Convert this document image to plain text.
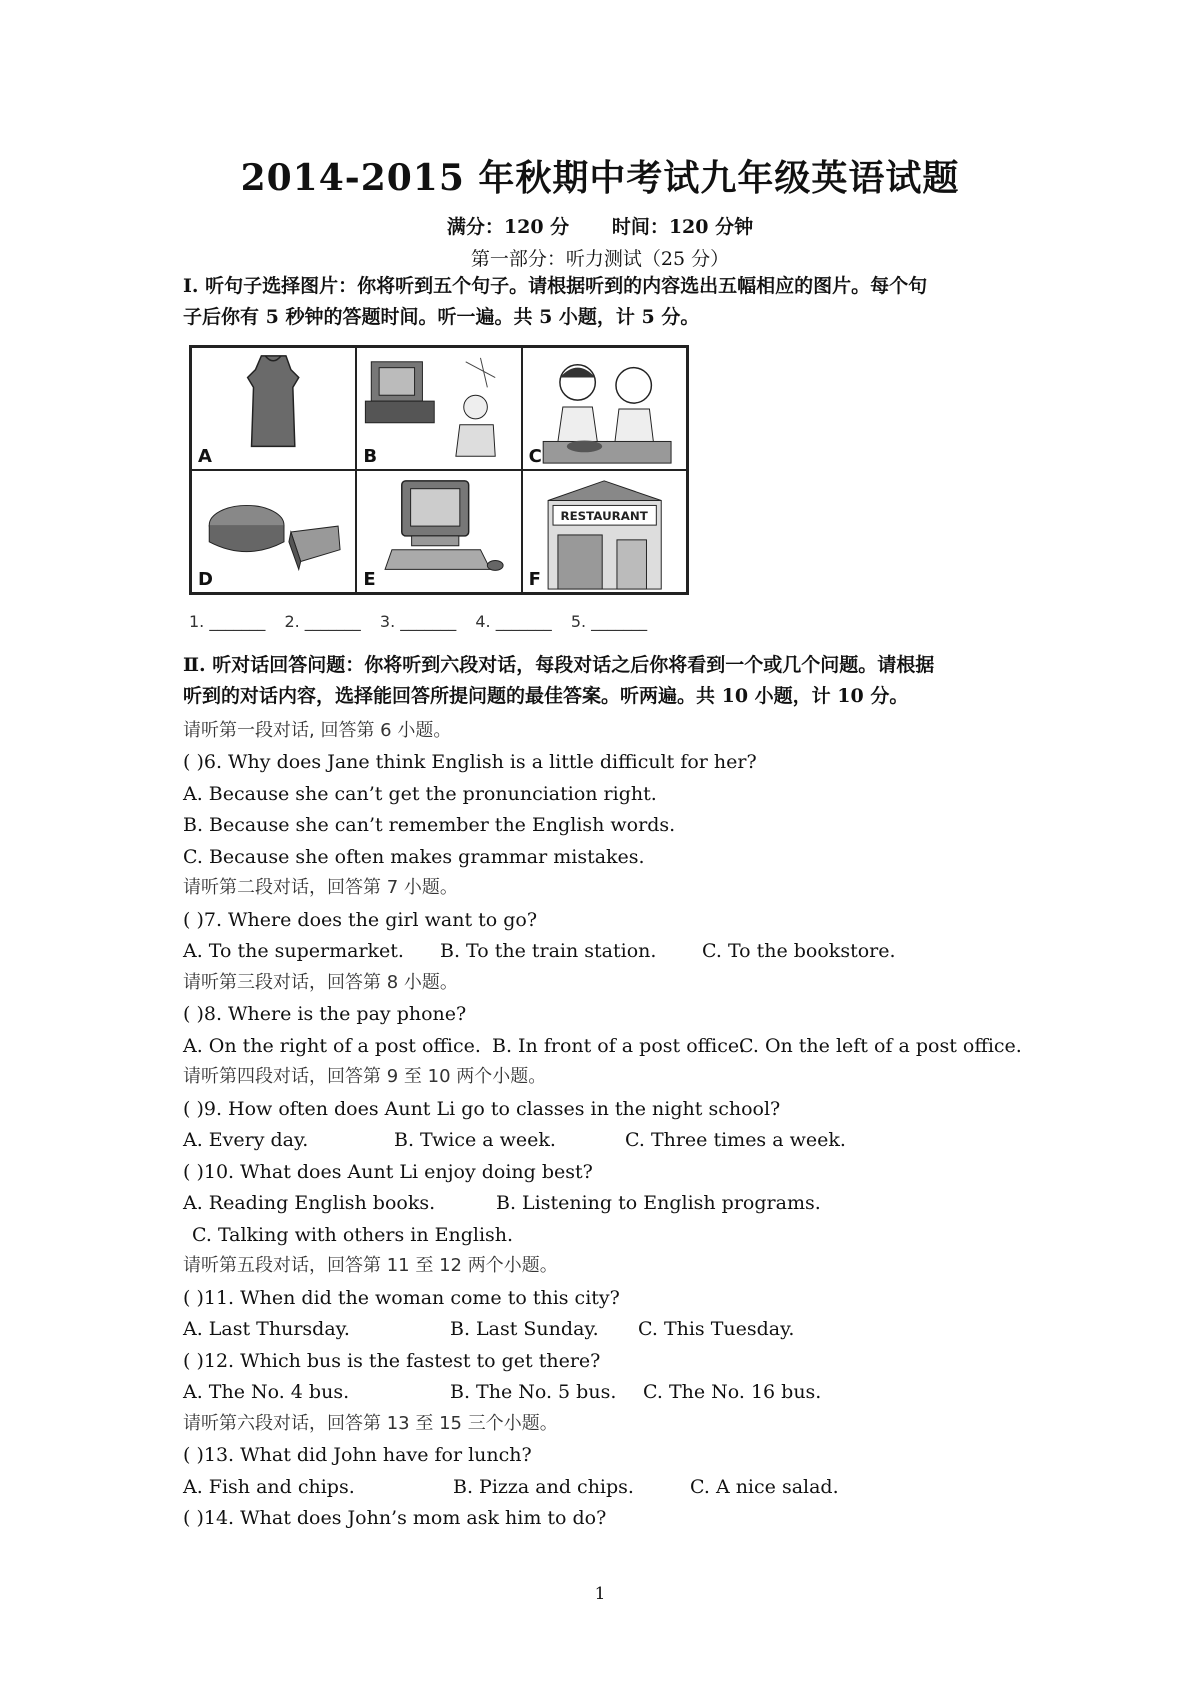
2014-2015 年秋期中考试九年级英语试题
满分：120 分 时间：120 分钟
第一部分：听力测试（25 分）
I. 听句子选择图片：你将听到五个句子。请根据听到的内容选出五幅相应的图片。每个句
子后你有 5 秒钟的答题时间。听一遍。共 5 小题，计 5 分。
A	B	C
D	E
RESTAURANT
F
1. _______ 2. _______ 3. _______ 4. _______ 5. _______
Ⅱ. 听对话回答问题：你将听到六段对话，每段对话之后你将看到一个或几个问题。请根据
听到的对话内容，选择能回答所提问题的最佳答案。听两遍。共 10 小题，计 10 分。
请听第一段对话, 回答第 6 小题。
( )6. Why does Jane think English is a little difficult for her?
A. Because she can’t get the pronunciation right.
B. Because she can’t remember the English words.
C. Because she often makes grammar mistakes.
请听第二段对话，回答第 7 小题。
( )7. Where does the girl want to go?
A. To the supermarket. B. To the train station. C. To the bookstore.
请听第三段对话，回答第 8 小题。
( )8. Where is the pay phone?
A. On the right of a post office. B. In front of a post office.
C. On the left of a post office.
请听第四段对话，回答第 9 至 10 两个小题。
( )9. How often does Aunt Li go to classes in the night school?
A. Every day.	B. Twice a week.	C. Three times a week.
( )10. What does Aunt Li enjoy doing best?
A. Reading English books.	B. Listening to English programs.
C. Talking with others in English.
请听第五段对话，回答第 11 至 12 两个小题。
( )11. When did the woman come to this city?
A. Last Thursday.	B. Last Sunday. C. This Tuesday.
( )12. Which bus is the fastest to get there?
A. The No. 4 bus.	B. The No. 5 bus. C. The No. 16 bus.
请听第六段对话，回答第 13 至 15 三个小题。
( )13. What did John have for lunch?
A. Fish and chips.	B. Pizza and chips.	C. A nice salad.
( )14. What does John’s mom ask him to do?
1
